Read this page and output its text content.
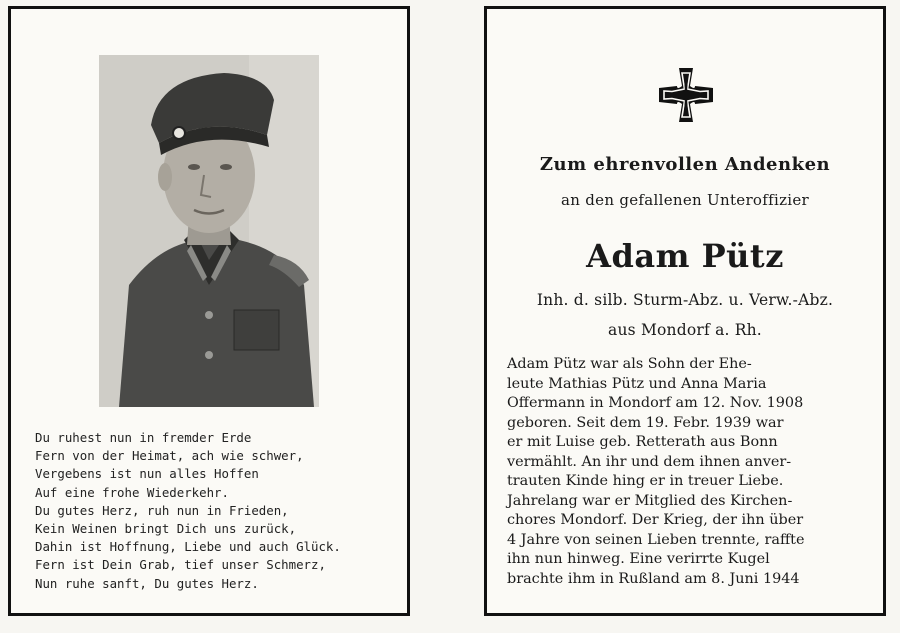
Du ruhest nun in fremder Erde
Fern von der Heimat, ach wie schwer,
Vergebens ist nun alles Hoffen
Auf eine frohe Wiederkehr.
Du gutes Herz, ruh nun in Frieden,
Kein Weinen bringt Dich uns zurück,
Dahin ist Hoffnung, Liebe und auch Glück.
Fern ist Dein Grab, tief unser Schmerz,
Nun ruhe sanft, Du gutes Herz.
Zum ehrenvollen Andenken
an den gefallenen Unteroffizier
Adam Pütz
Inh. d. silb. Sturm-Abz. u. Verw.-Abz.
aus Mondorf a. Rh.
Adam Pütz war als Sohn der Ehe-
leute Mathias Pütz und Anna Maria
Offermann in Mondorf am 12. Nov. 1908
geboren. Seit dem 19. Febr. 1939 war
er mit Luise geb. Retterath aus Bonn
vermählt. An ihr und dem ihnen anver-
trauten Kinde hing er in treuer Liebe.
Jahrelang war er Mitglied des Kirchen-
chores Mondorf. Der Krieg, der ihn über
4 Jahre von seinen Lieben trennte, raffte
ihn nun hinweg. Eine verirrte Kugel
brachte ihm in Rußland am 8. Juni 1944
